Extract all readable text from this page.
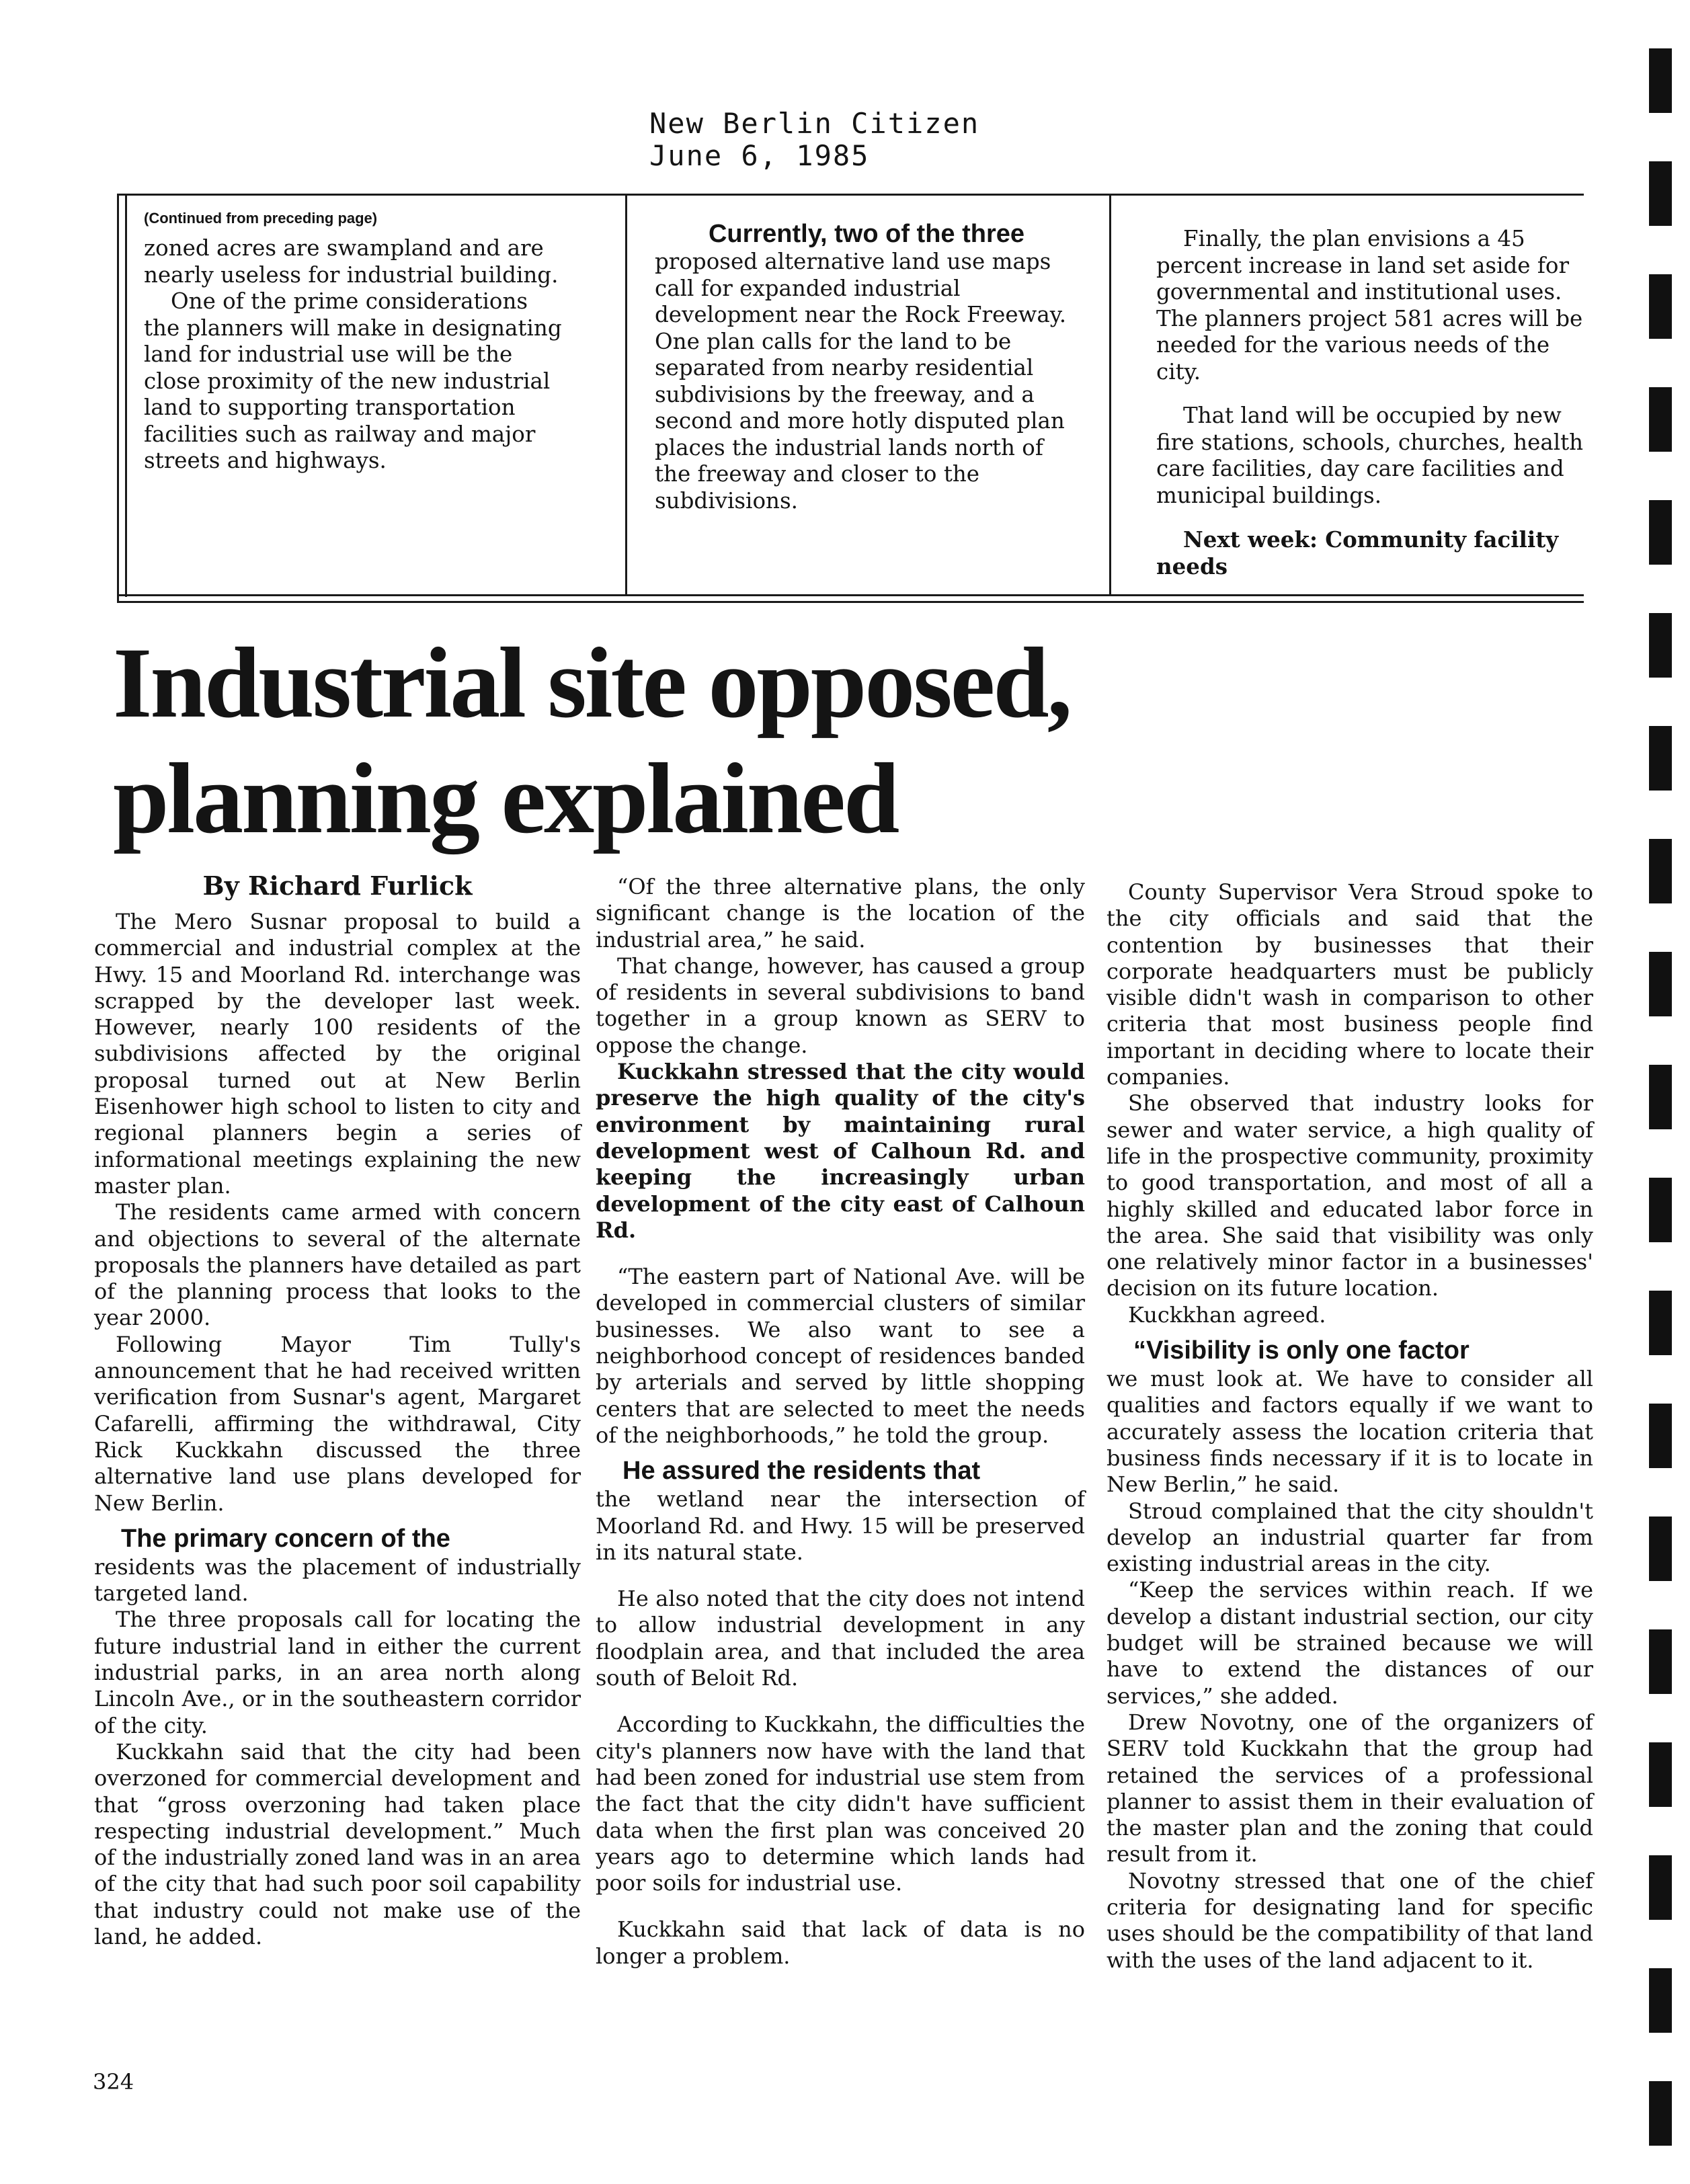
New Berlin Citizen
June 6, 1985
(Continued from preceding page)

zoned acres are swampland and are nearly useless for industrial building.

One of the prime considerations the planners will make in designating land for industrial use will be the close proximity of the new industrial land to supporting transportation facilities such as railway and major streets and highways.

Currently, two of the three

proposed alternative land use maps call for expanded industrial development near the Rock Freeway. One plan calls for the land to be separated from nearby residential subdivisions by the freeway, and a second and more hotly disputed plan places the industrial lands north of the freeway and closer to the subdivisions.

Finally, the plan envisions a 45 percent increase in land set aside for governmental and institutional uses. The planners project 581 acres will be needed for the various needs of the city.

That land will be occupied by new fire stations, schools, churches, health care facilities, day care facilities and municipal buildings.

Next week: Community facility needs

Industrial site opposed,
planning explained
By Richard Furlick

The Mero Susnar proposal to build a commercial and industrial complex at the Hwy. 15 and Moorland Rd. interchange was scrapped by the developer last week. However, nearly 100 residents of the subdivisions affected by the original proposal turned out at New Berlin Eisenhower high school to listen to city and regional planners begin a series of informational meetings explaining the new master plan.

The residents came armed with concern and objections to several of the alternate proposals the planners have detailed as part of the planning process that looks to the year 2000.

Following Mayor Tim Tully's announcement that he had received written verification from Susnar's agent, Margaret Cafarelli, affirming the withdrawal, City Rick Kuckkahn discussed the three alternative land use plans developed for New Berlin.

The primary concern of the

residents was the placement of industrially targeted land.

The three proposals call for locating the future industrial land in either the current industrial parks, in an area north along Lincoln Ave., or in the southeastern corridor of the city.

Kuckkahn said that the city had been overzoned for commercial development and that “gross overzoning had taken place respecting industrial development.” Much of the industrially zoned land was in an area of the city that had such poor soil capability that industry could not make use of the land, he added.

“Of the three alternative plans, the only significant change is the location of the industrial area,” he said.

That change, however, has caused a group of residents in several subdivisions to band together in a group known as SERV to oppose the change.

Kuckkahn stressed that the city would preserve the high quality of the city's environment by maintaining rural development west of Calhoun Rd. and keeping the increasingly urban development of the city east of Calhoun Rd.

“The eastern part of National Ave. will be developed in commercial clusters of similar businesses. We also want to see a neighborhood concept of residences banded by arterials and served by little shopping centers that are selected to meet the needs of the neighborhoods,” he told the group.

He assured the residents that

the wetland near the intersection of Moorland Rd. and Hwy. 15 will be preserved in its natural state.

He also noted that the city does not intend to allow industrial development in any floodplain area, and that included the area south of Beloit Rd.

According to Kuckkahn, the difficulties the city's planners now have with the land that had been zoned for industrial use stem from the fact that the city didn't have sufficient data when the first plan was conceived 20 years ago to determine which lands had poor soils for industrial use.

Kuckkahn said that lack of data is no longer a problem.

County Supervisor Vera Stroud spoke to the city officials and said that the contention by businesses that their corporate headquarters must be publicly visible didn't wash in comparison to other criteria that most business people find important in deciding where to locate their companies.

She observed that industry looks for sewer and water service, a high quality of life in the prospective community, proximity to good transportation, and most of all a highly skilled and educated labor force in the area. She said that visibility was only one relatively minor factor in a businesses' decision on its future location.

Kuckkhan agreed.

“Visibility is only one factor

we must look at. We have to consider all qualities and factors equally if we want to accurately assess the location criteria that business finds necessary if it is to locate in New Berlin,” he said.

Stroud complained that the city shouldn't develop an industrial quarter far from existing industrial areas in the city.

“Keep the services within reach. If we develop a distant industrial section, our city budget will be strained because we will have to extend the distances of our services,” she added.

Drew Novotny, one of the organizers of SERV told Kuckkahn that the group had retained the services of a professional planner to assist them in their evaluation of the master plan and the zoning that could result from it.

Novotny stressed that one of the chief criteria for designating land for specific uses should be the compatibility of that land with the uses of the land adjacent to it.

324
